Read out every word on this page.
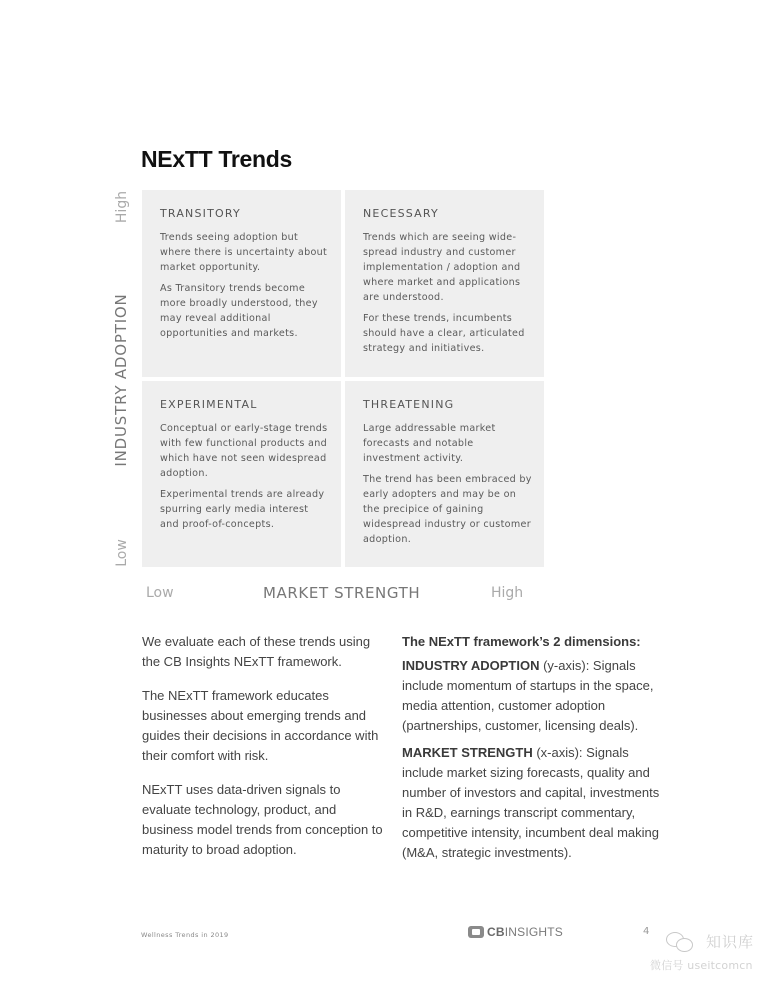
NExTT Trends
High
INDUSTRY ADOPTION
Low

TRANSITORY

Trends seeing adoption but where there is uncertainty about market opportunity.

As Transitory trends become more broadly understood, they may reveal additional opportunities and markets.

NECESSARY

Trends which are seeing wide-spread industry and customer implementation / adoption and where market and applications are understood.

For these trends, incumbents should have a clear, articulated strategy and initiatives.

EXPERIMENTAL

Conceptual or early-stage trends with few functional products and which have not seen widespread adoption.

Experimental trends are already spurring early media interest and proof-of-concepts.

THREATENING

Large addressable market forecasts and notable investment activity.

The trend has been embraced by early adopters and may be on the precipice of gaining widespread industry or customer adoption.

Low	MARKET STRENGTH	High

We evaluate each of these trends using the CB Insights NExTT framework.

The NExTT framework educates businesses about emerging trends and guides their decisions in accordance with their comfort with risk.

NExTT uses data-driven signals to evaluate technology, product, and business model trends from conception to maturity to broad adoption.

The NExTT framework’s 2 dimensions:

INDUSTRY ADOPTION (y-axis): Signals include momentum of startups in the space, media attention, customer adoption (partnerships, customer, licensing deals).

MARKET STRENGTH (x-axis): Signals include market sizing forecasts, quality and number of investors and capital, investments in R&D, earnings transcript commentary, competitive intensity, incumbent deal making (M&A, strategic investments).

Wellness Trends in 2019	CBINSIGHTS	4
知识库
微信号 useitcomcn
